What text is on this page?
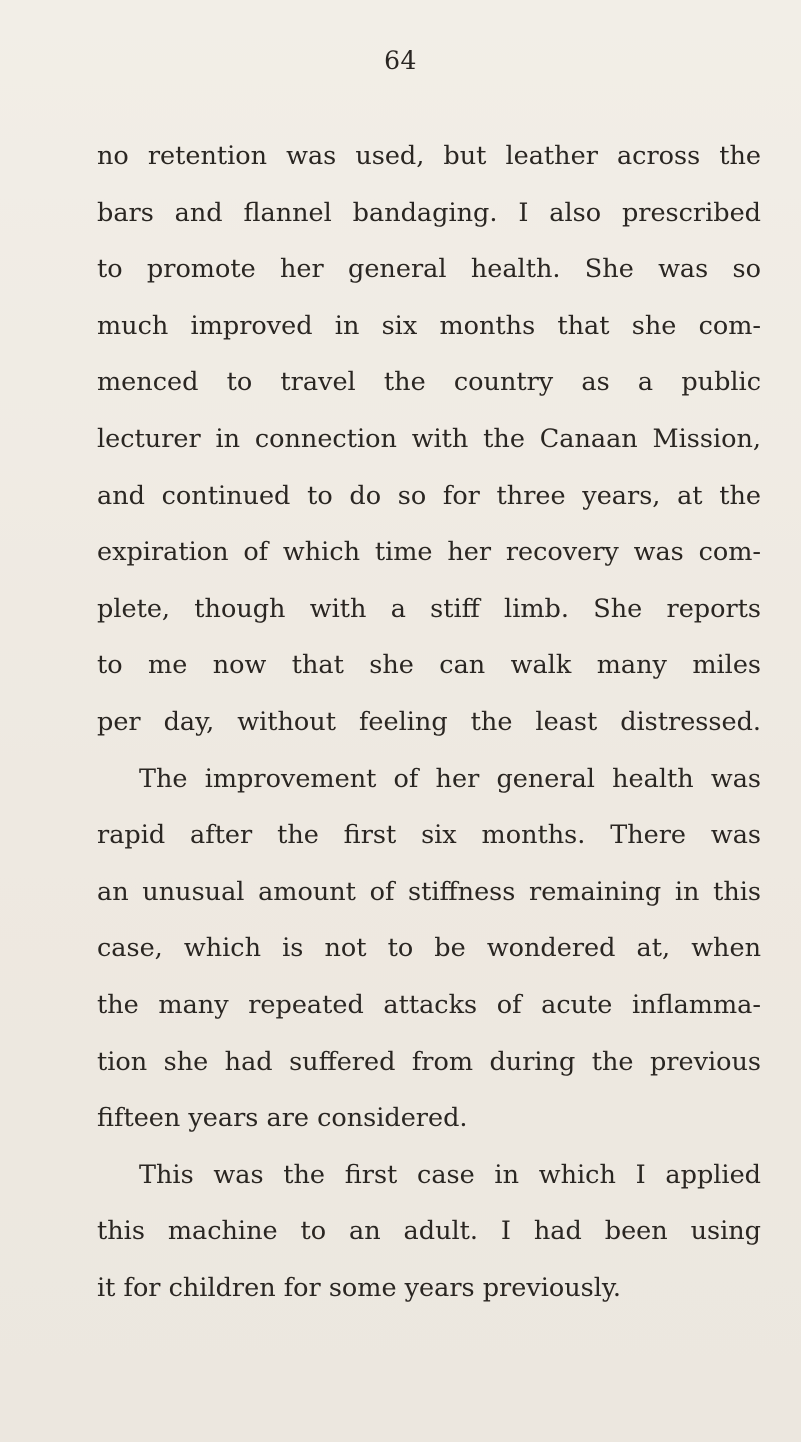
64
no retention was used, but leather across the
bars and flannel bandaging. I also prescribed
to promote her general health. She was so
much improved in six months that she com-
menced to travel the country as a public
lecturer in connection with the Canaan Mission,
and continued to do so for three years, at the
expiration of which time her recovery was com-
plete, though with a stiff limb. She reports
to me now that she can walk many miles
per day, without feeling the least distressed.
The improvement of her general health was
rapid after the first six months. There was
an unusual amount of stiffness remaining in this
case, which is not to be wondered at, when
the many repeated attacks of acute inflamma-
tion she had suffered from during the previous
fifteen years are considered.
This was the first case in which I applied
this machine to an adult. I had been using
it for children for some years previously.
